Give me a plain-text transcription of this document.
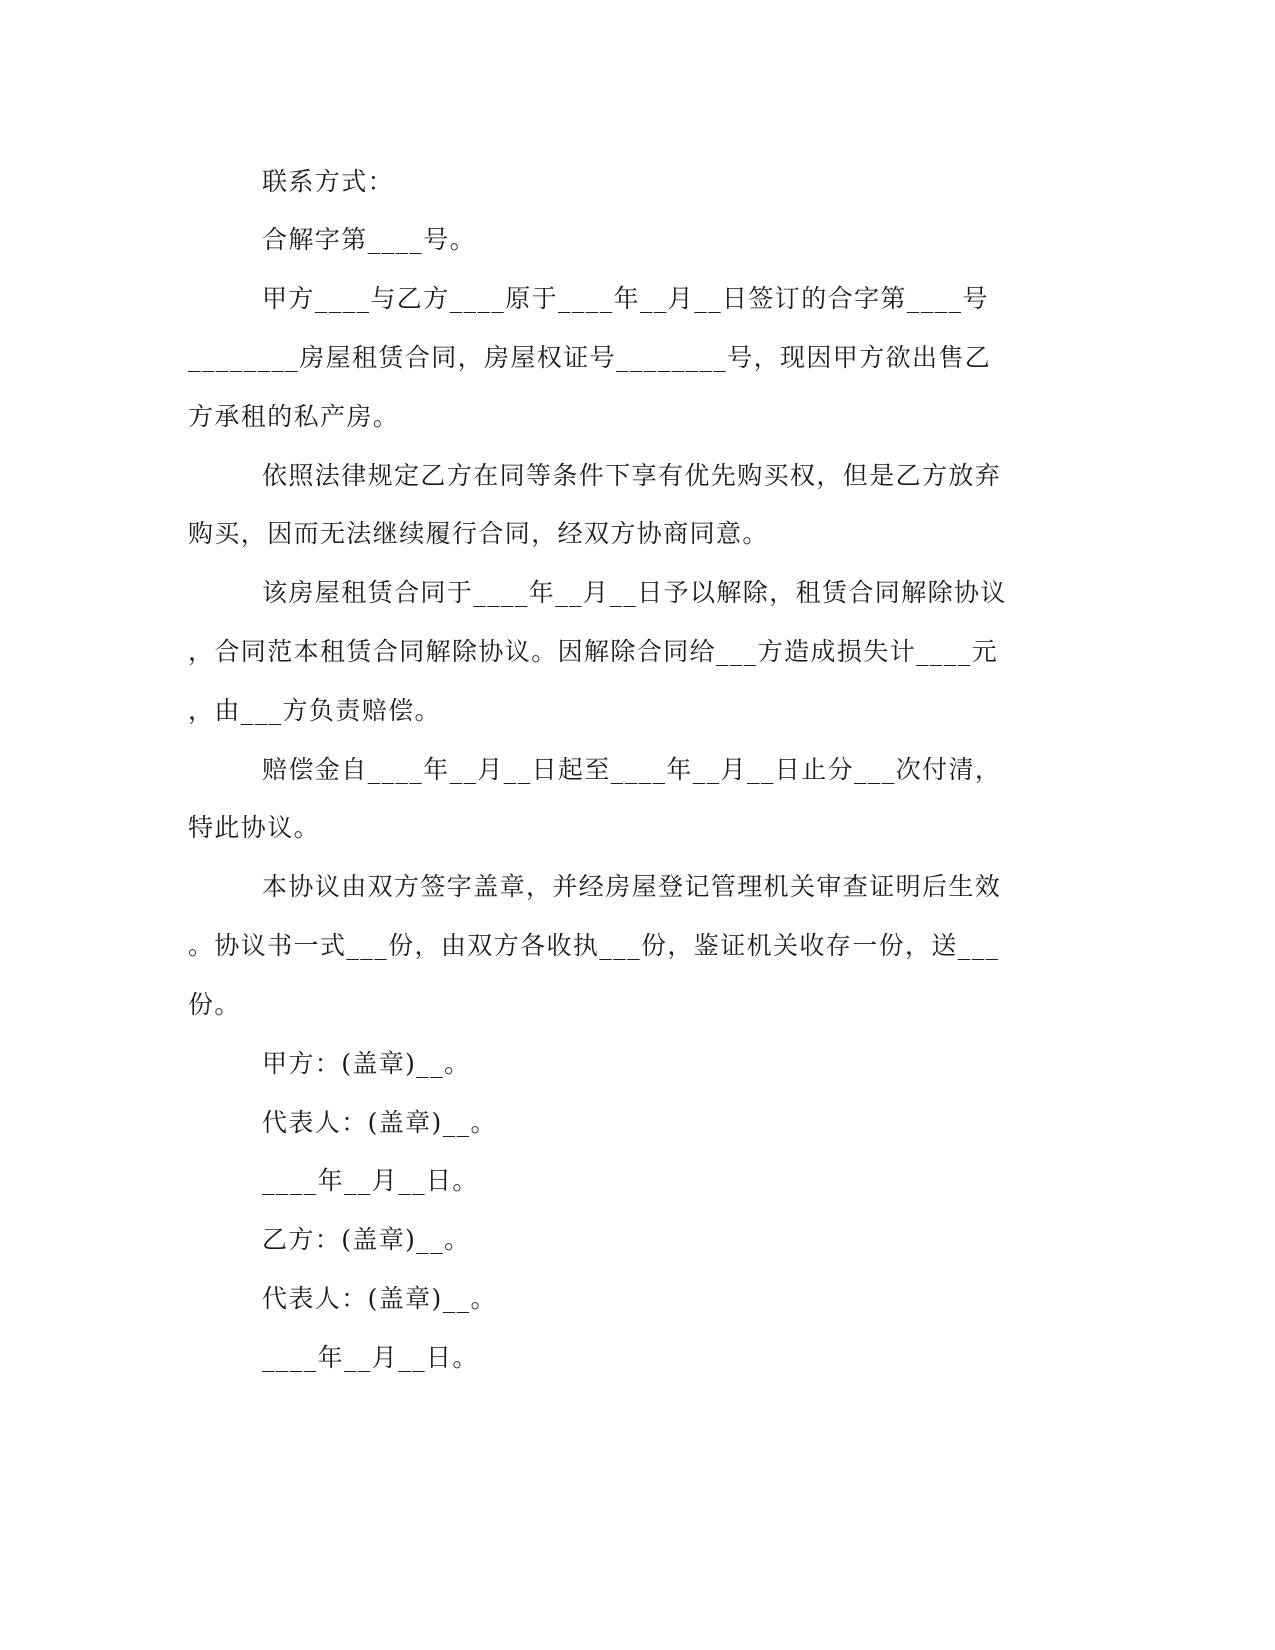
联系方式：
合解字第____号。
甲方____与乙方____原于____年__月__日签订的合字第____号
________房屋租赁合同，房屋权证号________号，现因甲方欲出售乙
方承租的私产房。
依照法律规定乙方在同等条件下享有优先购买权，但是乙方放弃
购买，因而无法继续履行合同，经双方协商同意。
该房屋租赁合同于____年__月__日予以解除，租赁合同解除协议
，合同范本租赁合同解除协议。因解除合同给___方造成损失计____元
，由___方负责赔偿。
赔偿金自____年__月__日起至____年__月__日止分___次付清，
特此协议。
本协议由双方签字盖章，并经房屋登记管理机关审查证明后生效
。协议书一式___份，由双方各收执___份，鉴证机关收存一份，送___
份。
甲方：(盖章)__。
代表人：(盖章)__。
____年__月__日。
乙方：(盖章)__。
代表人：(盖章)__。
____年__月__日。
